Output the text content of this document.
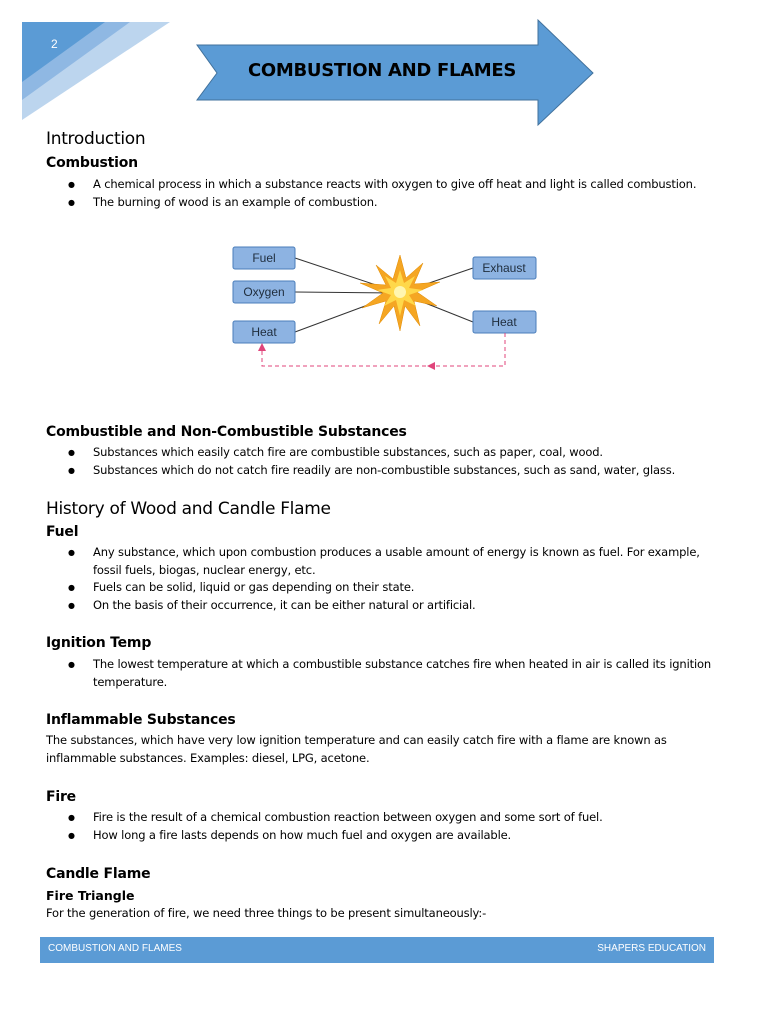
2
COMBUSTION AND FLAMES
Introduction
Combustion
● A chemical process in which a substance reacts with oxygen to give off heat and light is called combustion.
● The burning of wood is an example of combustion.
Fuel
Oxygen
Heat
Exhaust
Heat
Combustible and Non-Combustible Substances
● Substances which easily catch fire are combustible substances, such as paper, coal, wood.
● Substances which do not catch fire readily are non-combustible substances, such as sand, water, glass.
History of Wood and Candle Flame
Fuel
● Any substance, which upon combustion produces a usable amount of energy is known as fuel. For example, fossil fuels, biogas, nuclear energy, etc.
● Fuels can be solid, liquid or gas depending on their state.
● On the basis of their occurrence, it can be either natural or artificial.
Ignition Temp
● The lowest temperature at which a combustible substance catches fire when heated in air is called its ignition temperature.
Inflammable Substances

The substances, which have very low ignition temperature and can easily catch fire with a flame are known as inflammable substances. Examples: diesel, LPG, acetone.

Fire
● Fire is the result of a chemical combustion reaction between oxygen and some sort of fuel.
● How long a fire lasts depends on how much fuel and oxygen are available.
Candle Flame
Fire Triangle

For the generation of fire, we need three things to be present simultaneously:-

COMBUSTION AND FLAMES	SHAPERS EDUCATION
